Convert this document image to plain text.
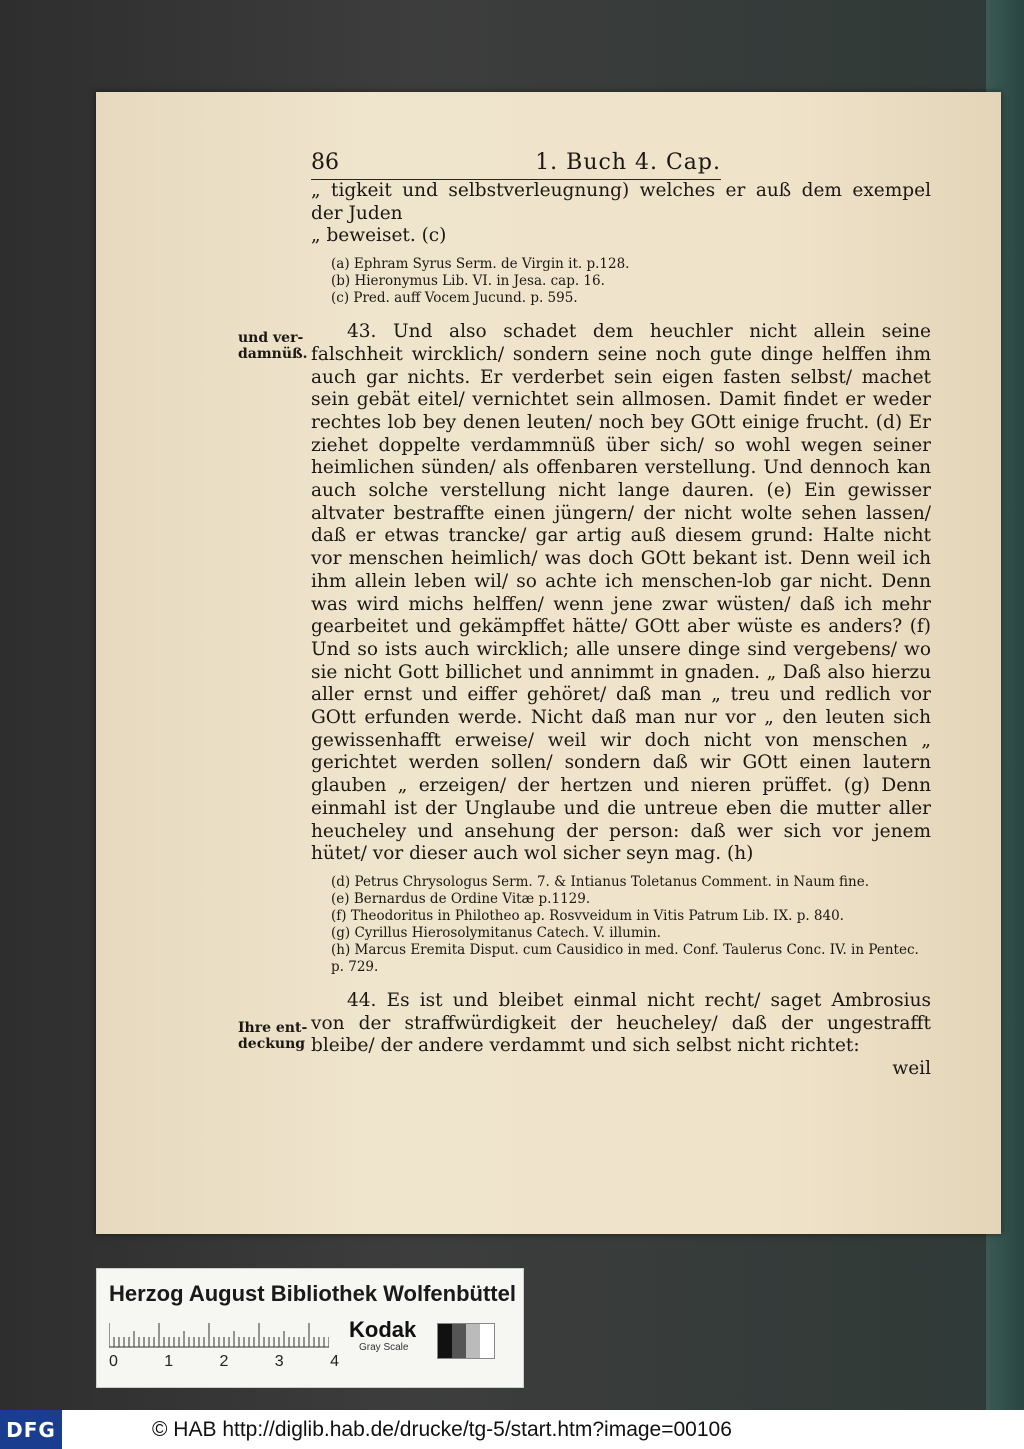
und ver-
damnüß.
Ihre ent-
deckung
86	1. Buch 4. Cap.

„ tigkeit und selbstverleugnung) welches er auß dem exempel der Juden

„ beweiset. (c)

(a) Ephram Syrus Serm. de Virgin it. p.128.

(b) Hieronymus Lib. VI. in Jesa. cap. 16.

(c) Pred. auff Vocem Jucund. p. 595.

43. Und also schadet dem heuchler nicht allein seine falschheit wircklich/ sondern seine noch gute dinge helffen ihm auch gar nichts. Er verderbet sein eigen fasten selbst/ machet sein gebät eitel/ vernichtet sein allmosen. Damit findet er weder rechtes lob bey denen leuten/ noch bey GOtt einige frucht. (d) Er ziehet doppelte verdammnüß über sich/ so wohl wegen seiner heimlichen sünden/ als offenbaren verstellung. Und dennoch kan auch solche verstellung nicht lange dauren. (e) Ein gewisser altvater bestraffte einen jüngern/ der nicht wolte sehen lassen/ daß er etwas trancke/ gar artig auß diesem grund: Halte nicht vor menschen heimlich/ was doch GOtt bekant ist. Denn weil ich ihm allein leben wil/ so achte ich menschen-lob gar nicht. Denn was wird michs helffen/ wenn jene zwar wüsten/ daß ich mehr gearbeitet und gekämpffet hätte/ GOtt aber wüste es anders? (f) Und so ists auch wircklich; alle unsere dinge sind vergebens/ wo sie nicht Gott billichet und annimmt in gnaden. „ Daß also hierzu aller ernst und eiffer gehöret/ daß man „ treu und redlich vor GOtt erfunden werde. Nicht daß man nur vor „ den leuten sich gewissenhafft erweise/ weil wir doch nicht von menschen „ gerichtet werden sollen/ sondern daß wir GOtt einen lautern glauben „ erzeigen/ der hertzen und nieren prüffet. (g) Denn einmahl ist der Unglaube und die untreue eben die mutter aller heucheley und ansehung der person: daß wer sich vor jenem hütet/ vor dieser auch wol sicher seyn mag. (h)

(d) Petrus Chrysologus Serm. 7. & Intianus Toletanus Comment. in Naum fine.

(e) Bernardus de Ordine Vitæ p.1129.

(f) Theodoritus in Philotheo ap. Rosvveidum in Vitis Patrum Lib. IX. p. 840.

(g) Cyrillus Hierosolymitanus Catech. V. illumin.

(h) Marcus Eremita Disput. cum Causidico in med. Conf. Taulerus Conc. IV. in Pentec. p. 729.

44. Es ist und bleibet einmal nicht recht/ saget Ambrosius von der straffwürdigkeit der heucheley/ daß der ungestrafft bleibe/ der andere verdammt und sich selbst nicht richtet:

weil

Herzog August Bibliothek Wolfenbüttel
0	1	2	3	4
Kodak
Gray Scale
DFG	© HAB http://diglib.hab.de/drucke/tg-5/start.htm?image=00106
